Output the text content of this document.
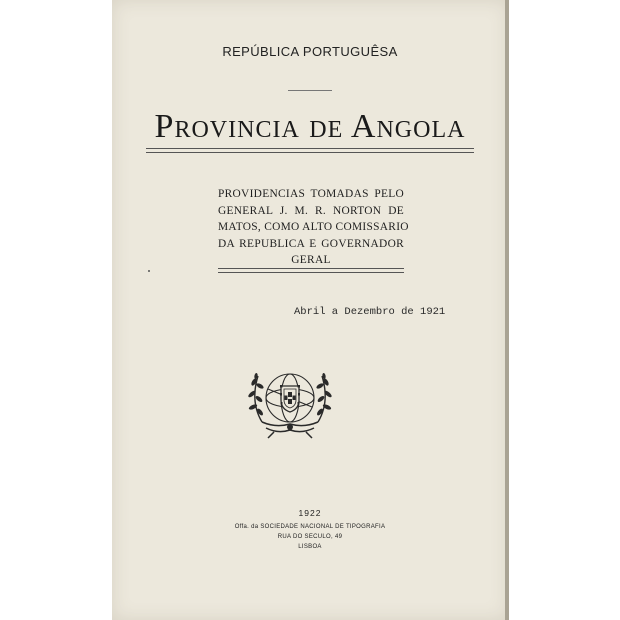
REPÚBLICA PORTUGUÊSA
Provincia de Angola
PROVIDENCIAS TOMADAS PELO
GENERAL J. M. R. NORTON DE
MATOS, COMO ALTO COMISSARIO
DA REPUBLICA E GOVERNADOR
GERAL
Abril a Dezembro de 1921
1922
Offa. da SOCIEDADE NACIONAL DE TIPOGRAFIA
RUA DO SECULO, 49
LISBOA
